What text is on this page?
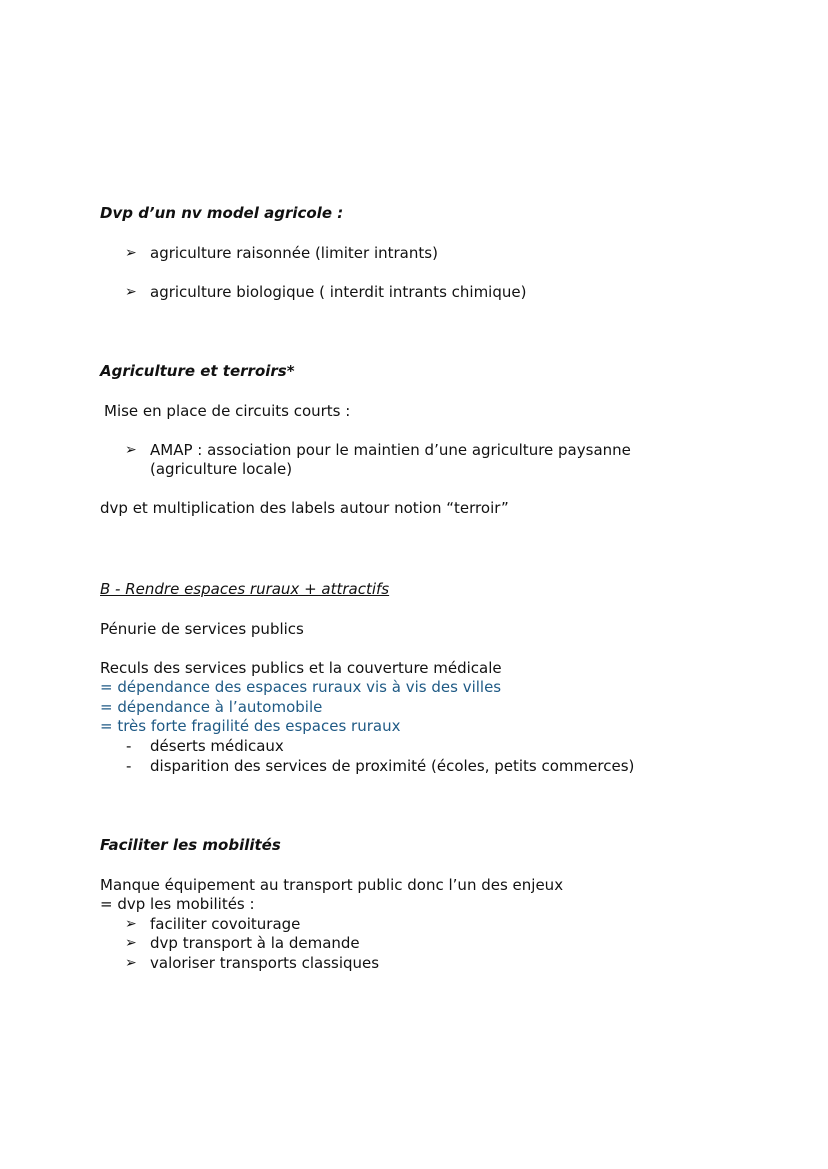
Dvp d’un nv model agricole :
➢ agriculture raisonnée (limiter intrants)
➢ agriculture biologique ( interdit intrants chimique)
Agriculture et terroirs*
Mise en place de circuits courts :
➢ AMAP : association pour le maintien d’une agriculture paysanne
(agriculture locale)
dvp et multiplication des labels autour notion “terroir”
B - Rendre espaces ruraux + attractifs
Pénurie de services publics
Reculs des services publics et la couverture médicale
= dépendance des espaces ruraux vis à vis des villes
= dépendance à l’automobile
= très forte fragilité des espaces ruraux
- déserts médicaux
- disparition des services de proximité (écoles, petits commerces)
Faciliter les mobilités
Manque équipement au transport public donc l’un des enjeux
= dvp les mobilités :
➢ faciliter covoiturage
➢ dvp transport à la demande
➢ valoriser transports classiques
